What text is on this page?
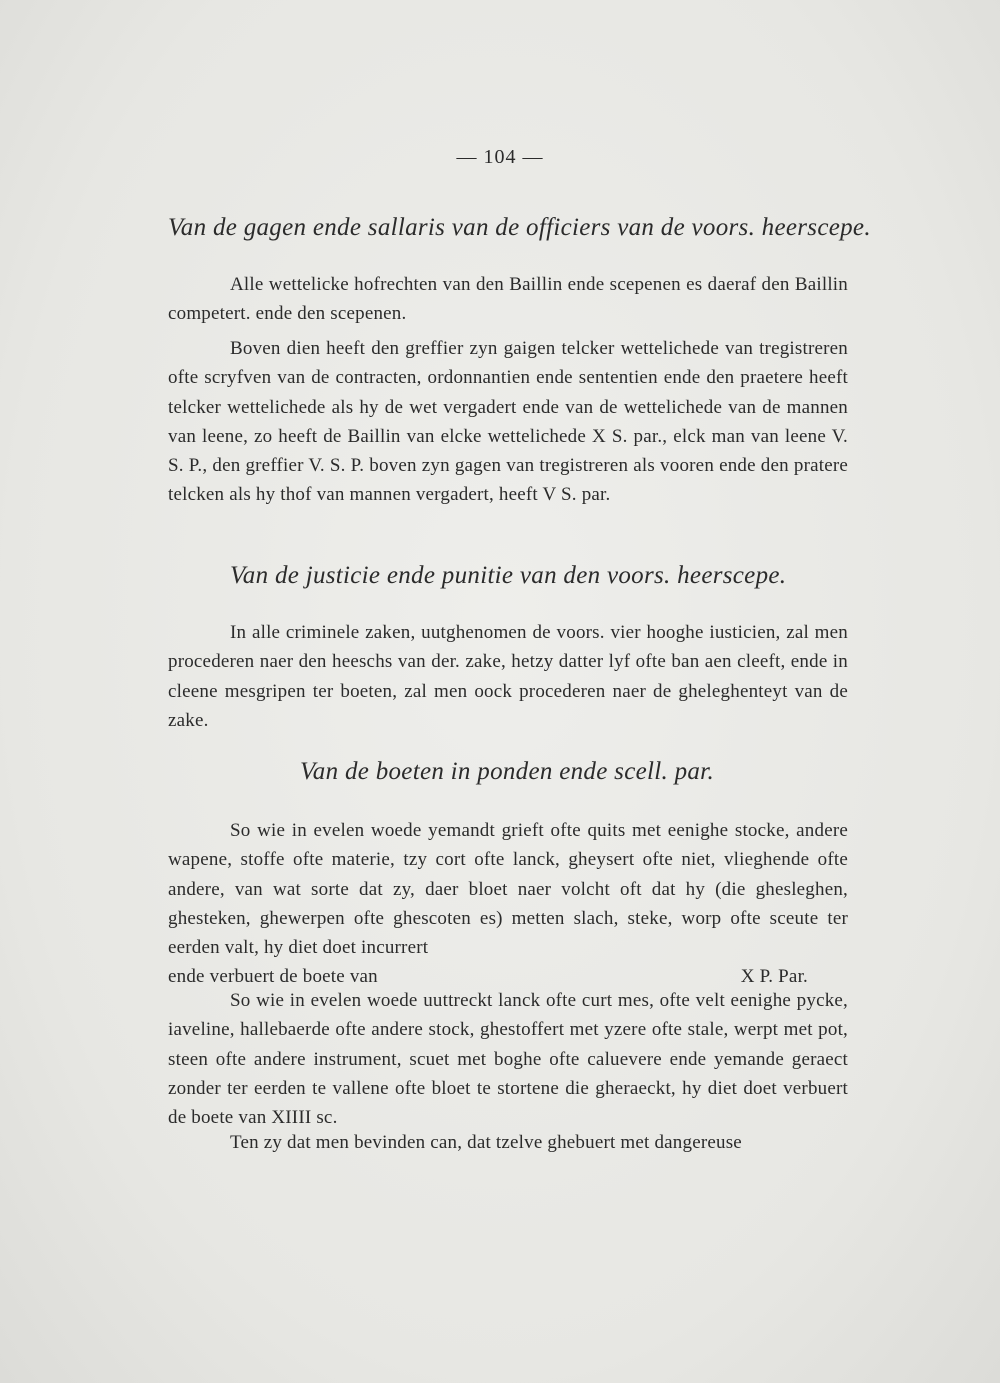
— 104 —
Van de gagen ende sallaris van de officiers van de voors. heerscepe.
Alle wettelicke hofrechten van den Baillin ende scepenen es daeraf den Baillin competert. ende den scepenen.
Boven dien heeft den greffier zyn gaigen telcker wettelichede van tregistreren ofte scryfven van de contracten, ordonnantien ende sententien ende den praetere heeft telcker wettelichede als hy de wet vergadert ende van de wettelichede van de mannen van leene, zo heeft de Baillin van elcke wettelichede X S. par., elck man van leene V. S. P., den greffier V. S. P. boven zyn gagen van tregistreren als vooren ende den pratere telcken als hy thof van mannen vergadert, heeft V S. par.
Van de justicie ende punitie van den voors. heerscepe.
In alle criminele zaken, uutghenomen de voors. vier hooghe iusticien, zal men procederen naer den heeschs van der. zake, hetzy datter lyf ofte ban aen cleeft, ende in cleene mesgripen ter boeten, zal men oock procederen naer de gheleghenteyt van de zake.
Van de boeten in ponden ende scell. par.
So wie in evelen woede yemandt grieft ofte quits met eenighe stocke, andere wapene, stoffe ofte materie, tzy cort ofte lanck, gheysert ofte niet, vlieghende ofte andere, van wat sorte dat zy, daer bloet naer volcht oft dat hy (die ghesleghen, ghesteken, ghewerpen ofte ghescoten es) metten slach, steke, worp ofte sceute ter eerden valt, hy diet doet incurrert
ende verbuert de boete van	X P. Par.
So wie in evelen woede uuttreckt lanck ofte curt mes, ofte velt eenighe pycke, iaveline, hallebaerde ofte andere stock, ghestoffert met yzere ofte stale, werpt met pot, steen ofte andere instrument, scuet met boghe ofte caluevere ende yemande geraect zonder ter eerden te vallene ofte bloet te stortene die gheraeckt, hy diet doet verbuert de boete van XIIII sc.
Ten zy dat men bevinden can, dat tzelve ghebuert met dangereuse
